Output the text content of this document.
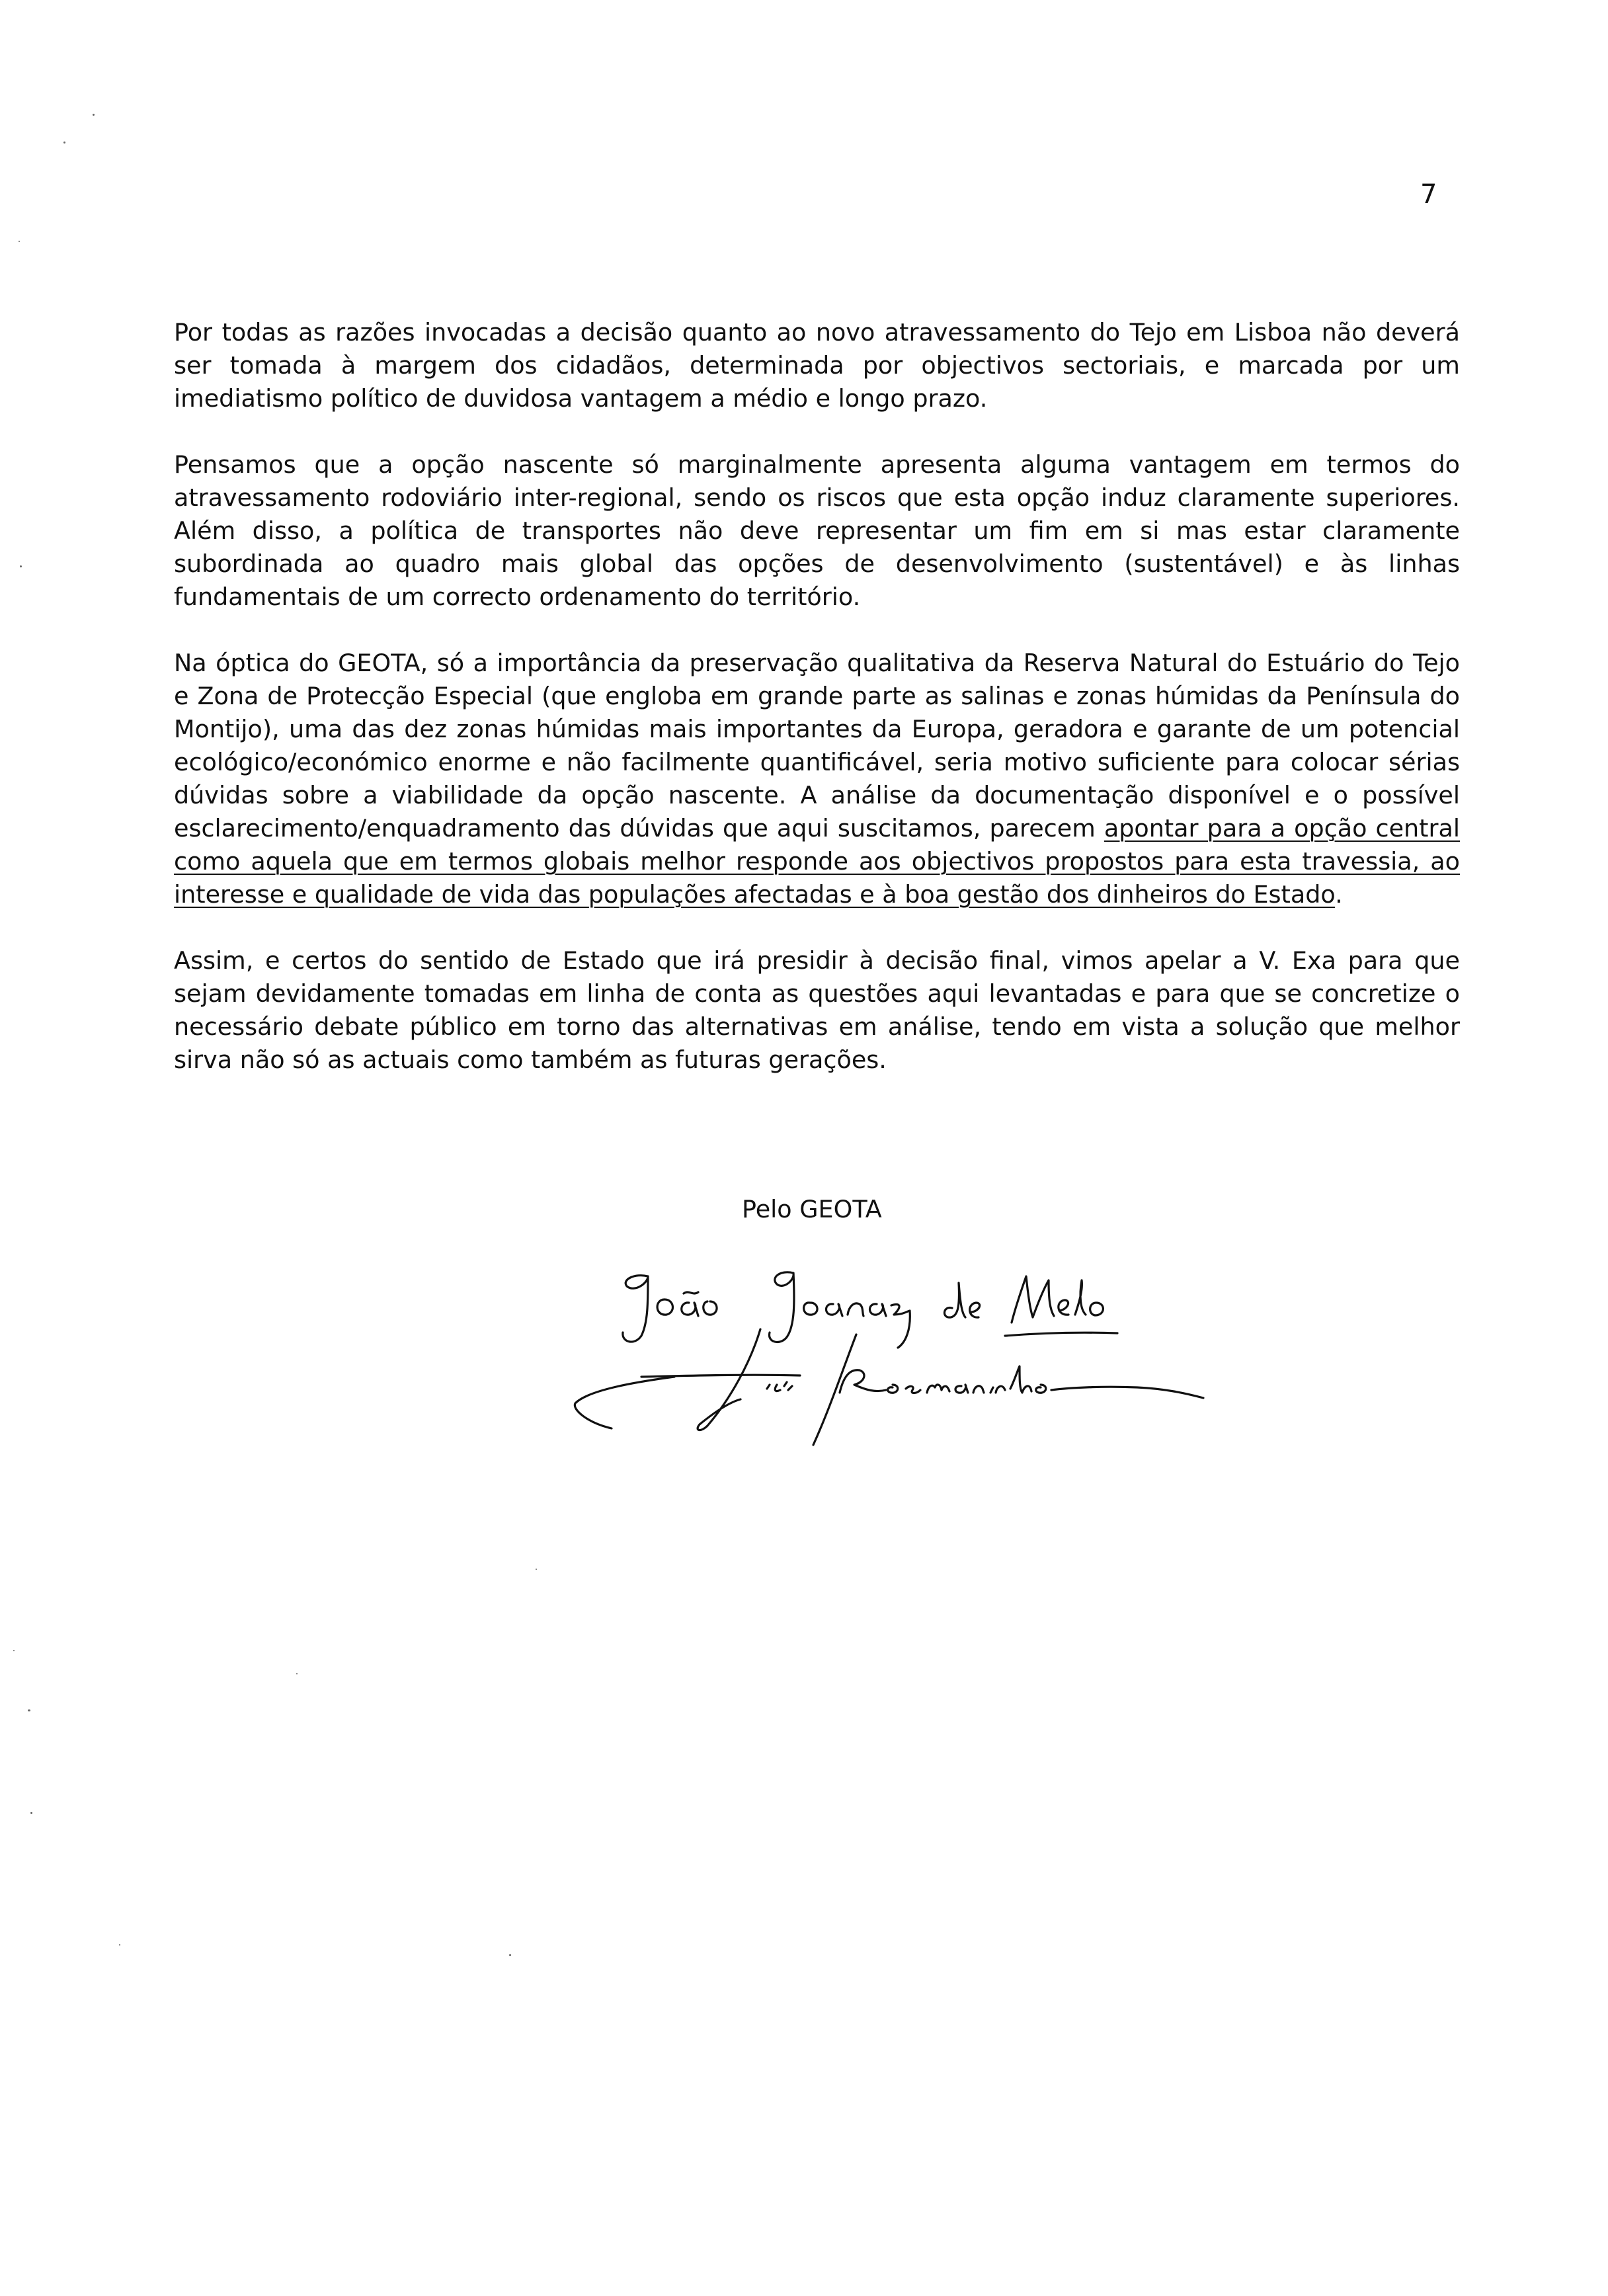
7

Por todas as razões invocadas a decisão quanto ao novo atravessamento do Tejo em Lisboa não deverá ser tomada à margem dos cidadãos, determinada por objectivos sectoriais, e marcada por um imediatismo político de duvidosa vantagem a médio e longo prazo.

Pensamos que a opção nascente só marginalmente apresenta alguma vantagem em termos do atravessamento rodoviário inter-regional, sendo os riscos que esta opção induz claramente superiores. Além disso, a política de transportes não deve representar um fim em si mas estar claramente subordinada ao quadro mais global das opções de desenvolvimento (sustentável) e às linhas fundamentais de um correcto ordenamento do território.

Na óptica do GEOTA, só a importância da preservação qualitativa da Reserva Natural do Estuário do Tejo e Zona de Protecção Especial (que engloba em grande parte as salinas e zonas húmidas da Península do Montijo), uma das dez zonas húmidas mais importantes da Europa, geradora e garante de um potencial ecológico/económico enorme e não facilmente quantificável, seria motivo suficiente para colocar sérias dúvidas sobre a viabilidade da opção nascente. A análise da documentação disponível e o possível esclarecimento/enquadramento das dúvidas que aqui suscitamos, parecem apontar para a opção central como aquela que em termos globais melhor responde aos objectivos propostos para esta travessia, ao interesse e qualidade de vida das populações afectadas e à boa gestão dos dinheiros do Estado.

Assim, e certos do sentido de Estado que irá presidir à decisão final, vimos apelar a V. Exa para que sejam devidamente tomadas em linha de conta as questões aqui levantadas e para que se concretize o necessário debate público em torno das alternativas em análise, tendo em vista a solução que melhor sirva não só as actuais como também as futuras gerações.

Pelo GEOTA
